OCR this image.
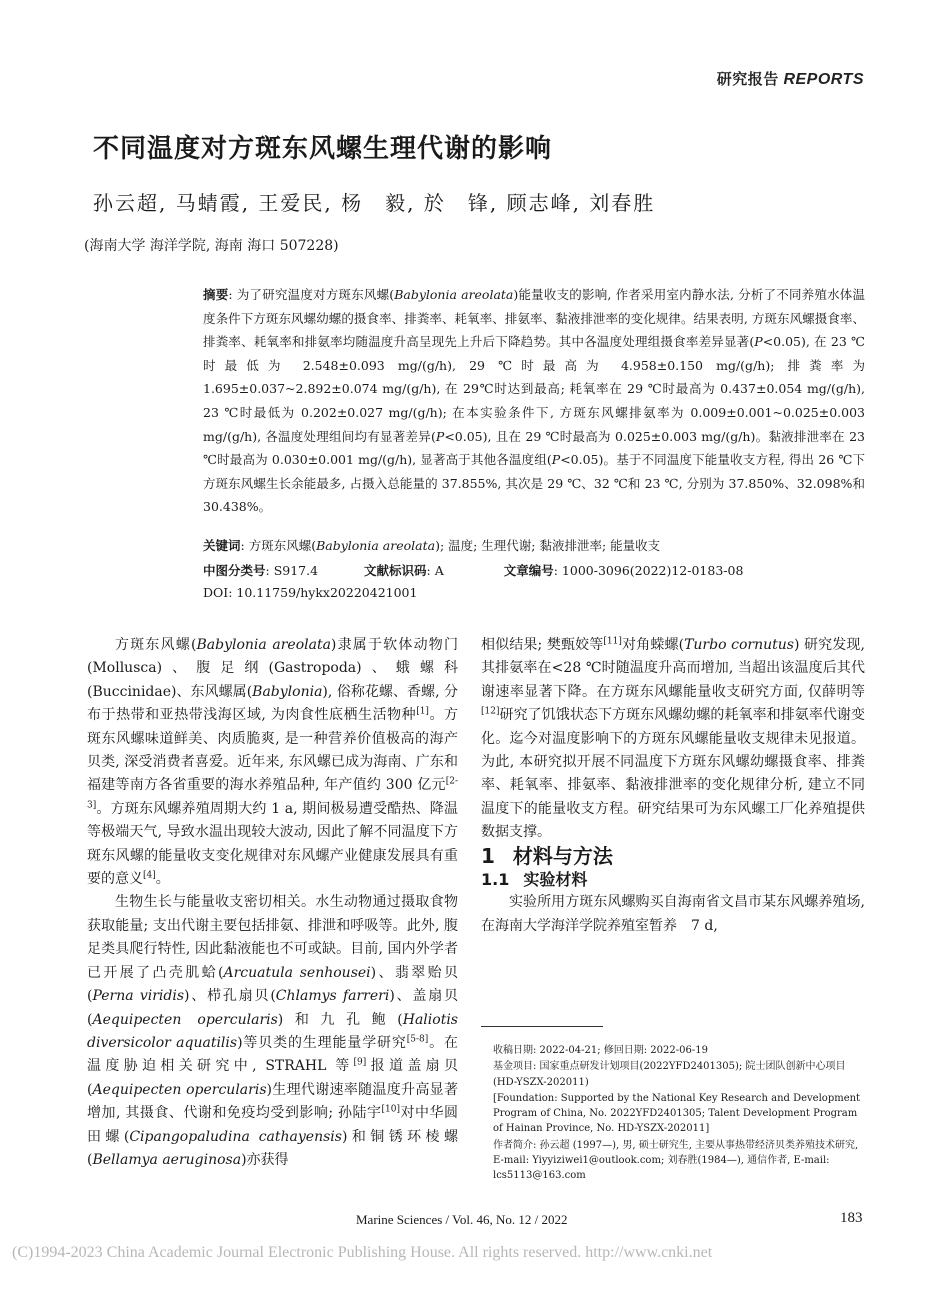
研究报告 REPORTS
不同温度对方斑东风螺生理代谢的影响
孙云超, 马蜻霞, 王爱民, 杨　毅, 於　锋, 顾志峰, 刘春胜
(海南大学 海洋学院, 海南 海口 507228)
摘要: 为了研究温度对方斑东风螺(Babylonia areolata)能量收支的影响, 作者采用室内静水法, 分析了不同养殖水体温度条件下方斑东风螺幼螺的摄食率、排粪率、耗氧率、排氨率、黏液排泄率的变化规律。结果表明, 方斑东风螺摄食率、排粪率、耗氧率和排氨率均随温度升高呈现先上升后下降趋势。其中各温度处理组摄食率差异显著(P<0.05), 在 23 ℃时最低为 2.548±0.093 mg/(g/h), 29 ℃时最高为 4.958±0.150 mg/(g/h); 排粪率为 1.695±0.037~2.892±0.074 mg/(g/h), 在 29℃时达到最高; 耗氧率在 29 ℃时最高为 0.437±0.054 mg/(g/h), 23 ℃时最低为 0.202±0.027 mg/(g/h); 在本实验条件下, 方斑东风螺排氨率为 0.009±0.001~0.025±0.003 mg/(g/h), 各温度处理组间均有显著差异(P<0.05), 且在 29 ℃时最高为 0.025±0.003 mg/(g/h)。黏液排泄率在 23 ℃时最高为 0.030±0.001 mg/(g/h), 显著高于其他各温度组(P<0.05)。基于不同温度下能量收支方程, 得出 26 ℃下方斑东风螺生长余能最多, 占摄入总能量的 37.855%, 其次是 29 ℃、32 ℃和 23 ℃, 分别为 37.850%、32.098%和 30.438%。
关键词: 方斑东风螺(Babylonia areolata); 温度; 生理代谢; 黏液排泄率; 能量收支
中图分类号: S917.4	文献标识码: A	文章编号: 1000-3096(2022)12-0183-08
DOI: 10.11759/hykx20220421001

方斑东风螺(Babylonia areolata)隶属于软体动物门(Mollusca)、腹足纲(Gastropoda)、蛾螺科(Buccinidae)、东风螺属(Babylonia), 俗称花螺、香螺, 分布于热带和亚热带浅海区域, 为肉食性底栖生活物种[1]。方斑东风螺味道鲜美、肉质脆爽, 是一种营养价值极高的海产贝类, 深受消费者喜爱。近年来, 东风螺已成为海南、广东和福建等南方各省重要的海水养殖品种, 年产值约 300 亿元[2-3]。方斑东风螺养殖周期大约 1 a, 期间极易遭受酷热、降温等极端天气, 导致水温出现较大波动, 因此了解不同温度下方斑东风螺的能量收支变化规律对东风螺产业健康发展具有重要的意义[4]。

生物生长与能量收支密切相关。水生动物通过摄取食物获取能量; 支出代谢主要包括排氨、排泄和呼吸等。此外, 腹足类具爬行特性, 因此黏液能也不可或缺。目前, 国内外学者已开展了凸壳肌蛤(Arcuatula senhousei)、翡翠贻贝(Perna viridis)、栉孔扇贝(Chlamys farreri)、盖扇贝(Aequipecten opercularis)和九孔鲍(Haliotis diversicolor aquatilis)等贝类的生理能量学研究[5-8]。在温度胁迫相关研究中, STRAHL 等[9]报道盖扇贝(Aequipecten opercularis)生理代谢速率随温度升高显著增加, 其摄食、代谢和免疫均受到影响; 孙陆宇[10]对中华圆田螺(Cipangopaludina cathayensis)和铜锈环棱螺(Bellamya aeruginosa)亦获得

相似结果; 樊甄姣等[11]对角蝾螺(Turbo cornutus) 研究发现, 其排氨率在<28 ℃时随温度升高而增加, 当超出该温度后其代谢速率显著下降。在方斑东风螺能量收支研究方面, 仅薛明等[12]研究了饥饿状态下方斑东风螺幼螺的耗氧率和排氨率代谢变化。迄今对温度影响下的方斑东风螺能量收支规律未见报道。为此, 本研究拟开展不同温度下方斑东风螺幼螺摄食率、排粪率、耗氧率、排氨率、黏液排泄率的变化规律分析, 建立不同温度下的能量收支方程。研究结果可为东风螺工厂化养殖提供数据支撑。

1 材料与方法

1.1 实验材料

实验所用方斑东风螺购买自海南省文昌市某东风螺养殖场, 在海南大学海洋学院养殖室暂养　7 d,

收稿日期: 2022-04-21; 修回日期: 2022-06-19
基金项目: 国家重点研发计划项目(2022YFD2401305); 院士团队创新中心项目(HD-YSZX-202011)
[Foundation: Supported by the National Key Research and Development Program of China, No. 2022YFD2401305; Talent Development Program of Hainan Province, No. HD-YSZX-202011]
作者简介: 孙云超 (1997—), 男, 硕士研究生, 主要从事热带经济贝类养殖技术研究, E-mail: Yiyyiziwei1@outlook.com; 刘春胜(1984—), 通信作者, E-mail: lcs5113@163.com
Marine Sciences / Vol. 46, No. 12 / 2022	183
(C)1994-2023 China Academic Journal Electronic Publishing House. All rights reserved. http://www.cnki.net
